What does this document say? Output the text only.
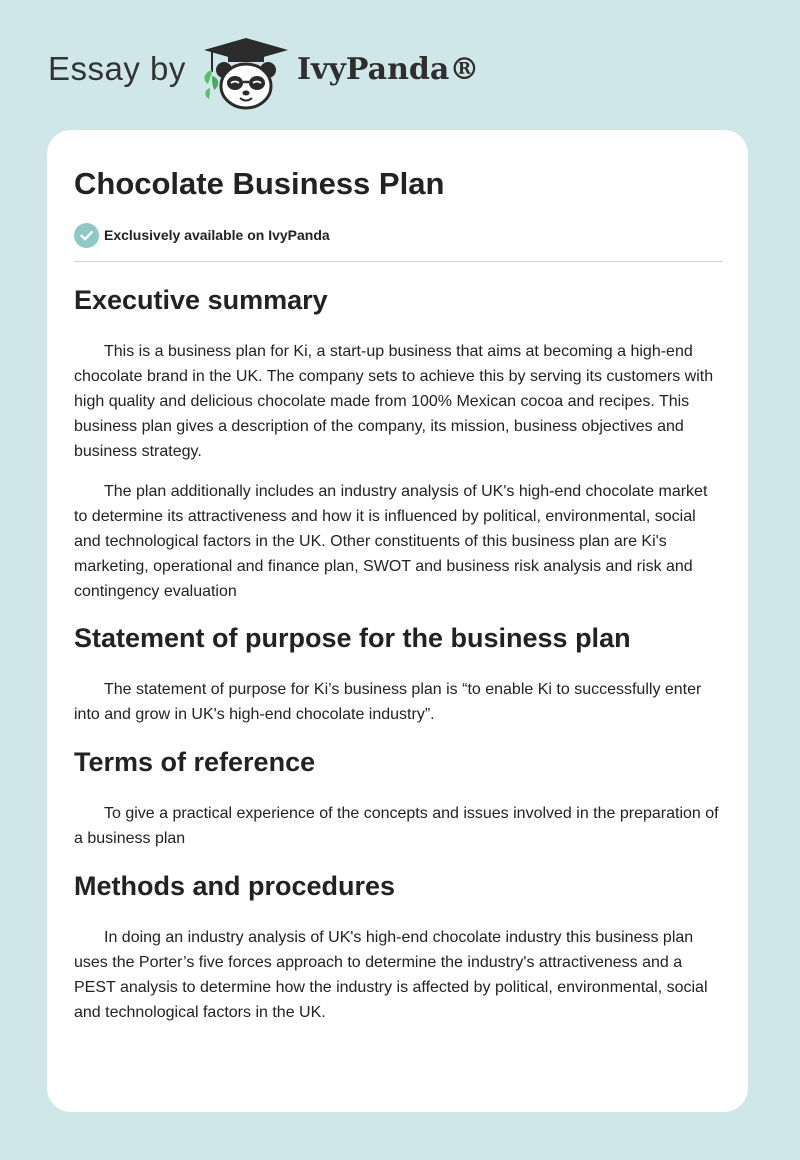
Essay by	IvyPanda®
Chocolate Business Plan
Exclusively available on IvyPanda
Executive summary

This is a business plan for Ki, a start-up business that aims at becoming a high-end chocolate brand in the UK. The company sets to achieve this by serving its customers with high quality and delicious chocolate made from 100% Mexican cocoa and recipes. This business plan gives a description of the company, its mission, business objectives and business strategy.

The plan additionally includes an industry analysis of UK's high-end chocolate market to determine its attractiveness and how it is influenced by political, environmental, social and technological factors in the UK. Other constituents of this business plan are Ki's marketing, operational and finance plan, SWOT and business risk analysis and risk and contingency evaluation

Statement of purpose for the business plan

The statement of purpose for Ki’s business plan is “to enable Ki to successfully enter into and grow in UK's high-end chocolate industry”.

Terms of reference

To give a practical experience of the concepts and issues involved in the preparation of a business plan

Methods and procedures

In doing an industry analysis of UK's high-end chocolate industry this business plan uses the Porter’s five forces approach to determine the industry's attractiveness and a PEST analysis to determine how the industry is affected by political, environmental, social and technological factors in the UK.
